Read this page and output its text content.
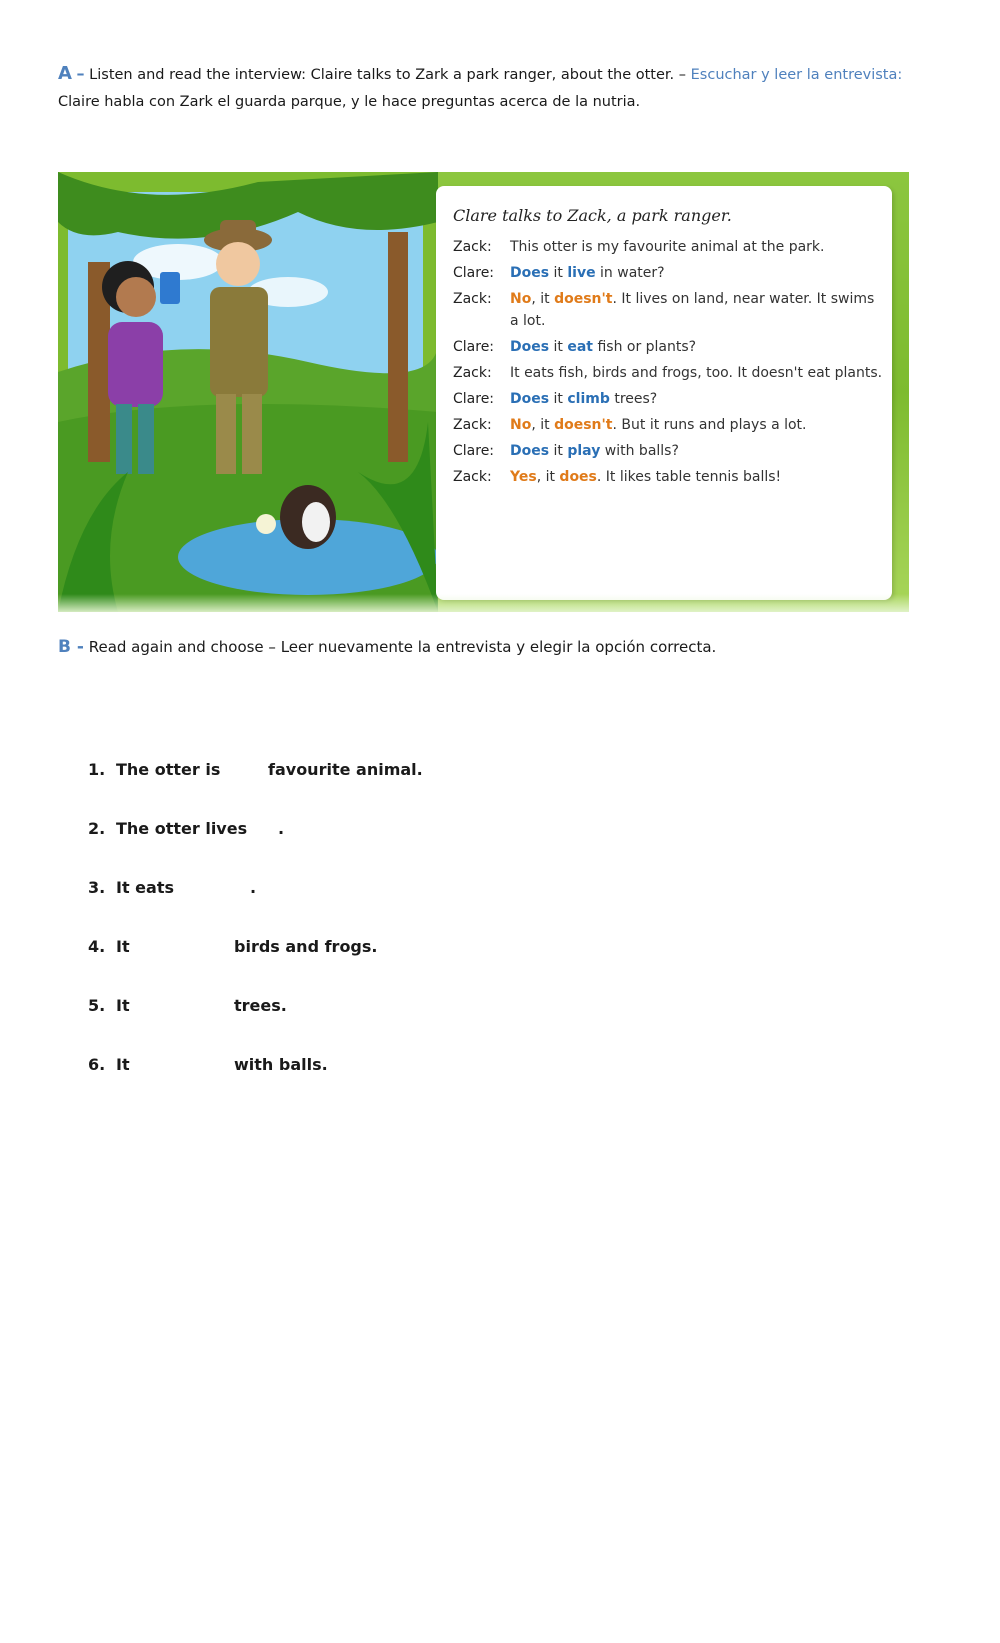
A – Listen and read the interview: Claire talks to Zark a park ranger, about the otter. – Escuchar y leer la entrevista:
Claire habla con Zark el guarda parque, y le hace preguntas acerca de la nutria.
Clare talks to Zack, a park ranger.
Zack:	This otter is my favourite animal at the park.
Clare:	Does it live in water?
Zack:	No, it doesn't. It lives on land, near water. It swims a lot.
Clare:	Does it eat fish or plants?
Zack:	It eats fish, birds and frogs, too. It doesn't eat plants.
Clare:	Does it climb trees?
Zack:	No, it doesn't. But it runs and plays a lot.
Clare:	Does it play with balls?
Zack:	Yes, it does. It likes table tennis balls!
B - Read again and choose – Leer nuevamente la entrevista y elegir la opción correcta.
1. The otter is	favourite animal.
2. The otter lives .
3. It eats	.
4. It	birds and frogs.
5. It	trees.
6. It	with balls.
